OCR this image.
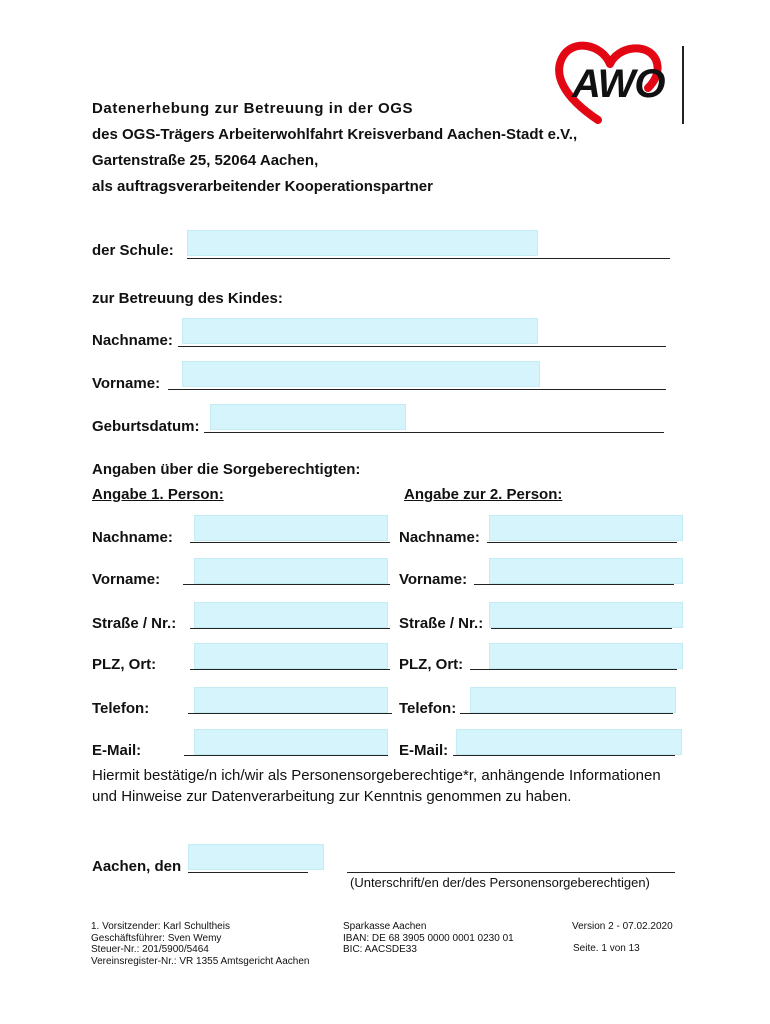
AWO
Datenerhebung zur Betreuung in der OGS
des OGS-Trägers Arbeiterwohlfahrt Kreisverband Aachen-Stadt e.V.,
Gartenstraße 25, 52064 Aachen,
als auftragsverarbeitender Kooperationspartner
der Schule:
zur Betreuung des Kindes:
Nachname:
Vorname:
Geburtsdatum:
Angaben über die Sorgeberechtigten:
Angabe 1. Person:	Angabe zur 2. Person:
Nachname:	Nachname:
Vorname:	Vorname:
Straße / Nr.:	Straße / Nr.:
PLZ, Ort:	PLZ, Ort:
Telefon:	Telefon:
E-Mail:	E-Mail:
Hiermit bestätige/n ich/wir als Personensorgeberechtige*r, anhängende Informationen
und Hinweise zur Datenverarbeitung zur Kenntnis genommen zu haben.
Aachen, den
(Unterschrift/en der/des Personensorgeberechtigen)
1. Vorsitzender: Karl Schultheis
Geschäftsführer: Sven Wemy
Steuer-Nr.: 201/5900/5464
Vereinsregister-Nr.: VR 1355 Amtsgericht Aachen
Sparkasse Aachen
IBAN: DE 68 3905 0000 0001 0230 01
BIC: AACSDE33
Version 2 - 07.02.2020
Seite. 1 von 13
